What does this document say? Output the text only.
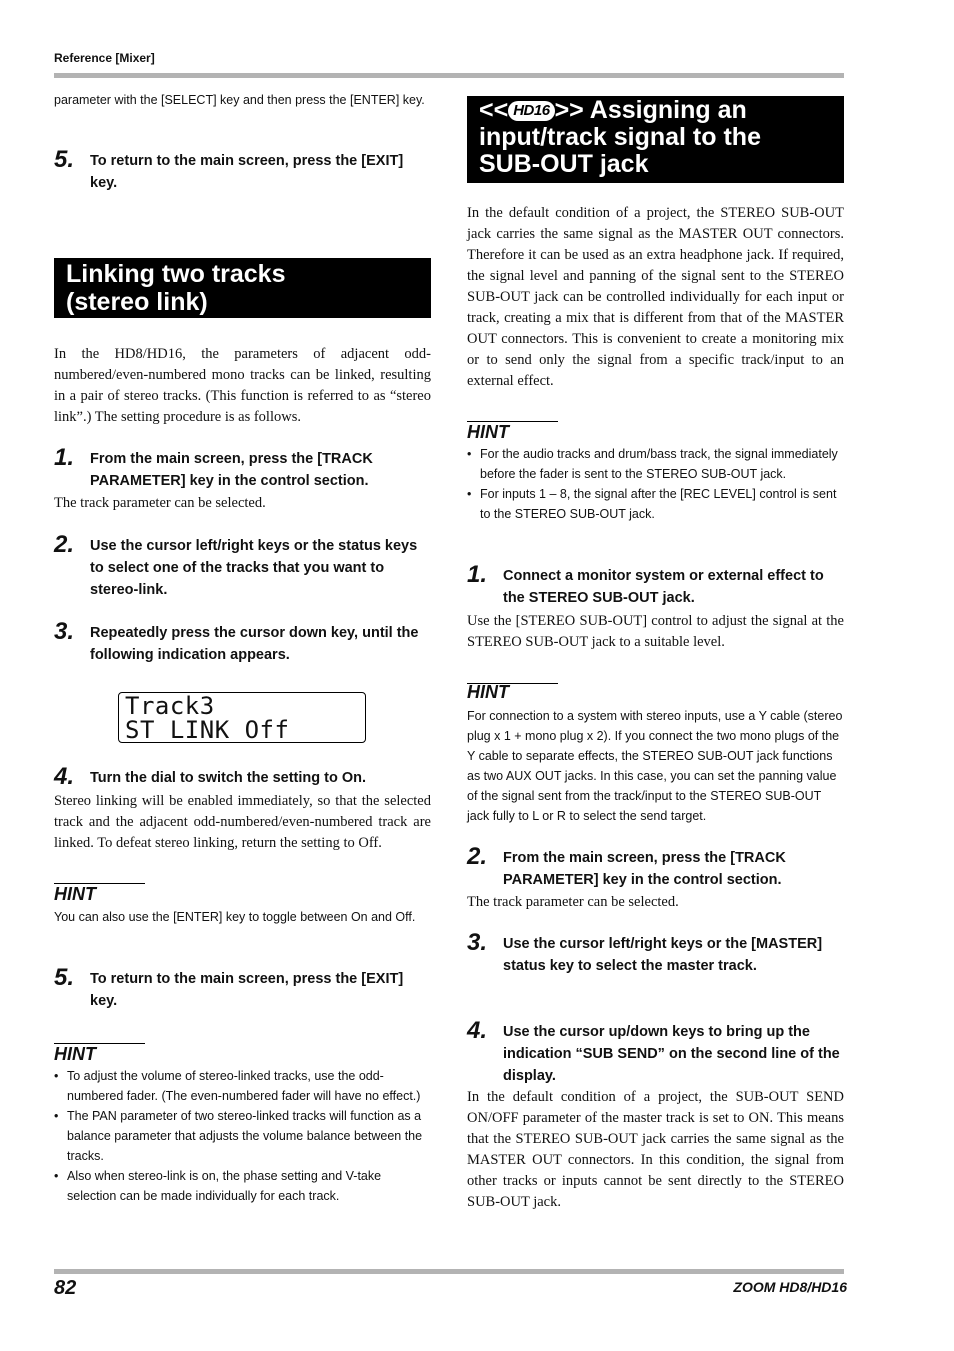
Reference [Mixer]
82	ZOOM HD8/HD16
parameter with the [SELECT] key and then press the [ENTER] key.
5. To return to the main screen, press the [EXIT] key.
Linking two tracks
(stereo link)
In the HD8/HD16, the parameters of adjacent odd-numbered/even-numbered mono tracks can be linked, resulting in a pair of stereo tracks. (This function is referred to as “stereo link”.) The setting procedure is as follows.
1. From the main screen, press the [TRACK PARAMETER] key in the control section.
The track parameter can be selected.
2. Use the cursor left/right keys or the status keys to select one of the tracks that you want to stereo-link.
3. Repeatedly press the cursor down key, until the following indication appears.
Track3
ST LINK Off
4. Turn the dial to switch the setting to On.
Stereo linking will be enabled immediately, so that the selected track and the adjacent odd-numbered/even-numbered track are linked. To defeat stereo linking, return the setting to Off.
HINT
You can also use the [ENTER] key to toggle between On and Off.
5. To return to the main screen, press the [EXIT] key.
HINT
• To adjust the volume of stereo-linked tracks, use the odd-numbered fader. (The even-numbered fader will have no effect.)
• The PAN parameter of two stereo-linked tracks will function as a balance parameter that adjusts the volume balance between the tracks.
• Also when stereo-link is on, the phase setting and V-take selection can be made individually for each track.
<< HD16 >> Assigning an
input/track signal to the
SUB-OUT jack
In the default condition of a project, the STEREO SUB-OUT jack carries the same signal as the MASTER OUT connectors. Therefore it can be used as an extra headphone jack. If required, the signal level and panning of the signal sent to the STEREO SUB-OUT jack can be controlled individually for each input or track, creating a mix that is different from that of the MASTER OUT connectors. This is convenient to create a monitoring mix or to send only the signal from a specific track/input to an external effect.
HINT
• For the audio tracks and drum/bass track, the signal immediately before the fader is sent to the STEREO SUB-OUT jack.
• For inputs 1 – 8, the signal after the [REC LEVEL] control is sent to the STEREO SUB-OUT jack.
1. Connect a monitor system or external effect to the STEREO SUB-OUT jack.
Use the [STEREO SUB-OUT] control to adjust the signal at the STEREO SUB-OUT jack to a suitable level.
HINT
For connection to a system with stereo inputs, use a Y cable (stereo plug x 1 + mono plug x 2). If you connect the two mono plugs of the Y cable to separate effects, the STEREO SUB-OUT jack functions as two AUX OUT jacks. In this case, you can set the panning value of the signal sent from the track/input to the STEREO SUB-OUT jack fully to L or R to select the send target.
2. From the main screen, press the [TRACK PARAMETER] key in the control section.
The track parameter can be selected.
3. Use the cursor left/right keys or the [MASTER] status key to select the master track.
4. Use the cursor up/down keys to bring up the indication “SUB SEND” on the second line of the display.
In the default condition of a project, the SUB-OUT SEND ON/OFF parameter of the master track is set to ON. This means that the STEREO SUB-OUT jack carries the same signal as the MASTER OUT connectors. In this condition, the signal from other tracks or inputs cannot be sent directly to the STEREO SUB-OUT jack.
